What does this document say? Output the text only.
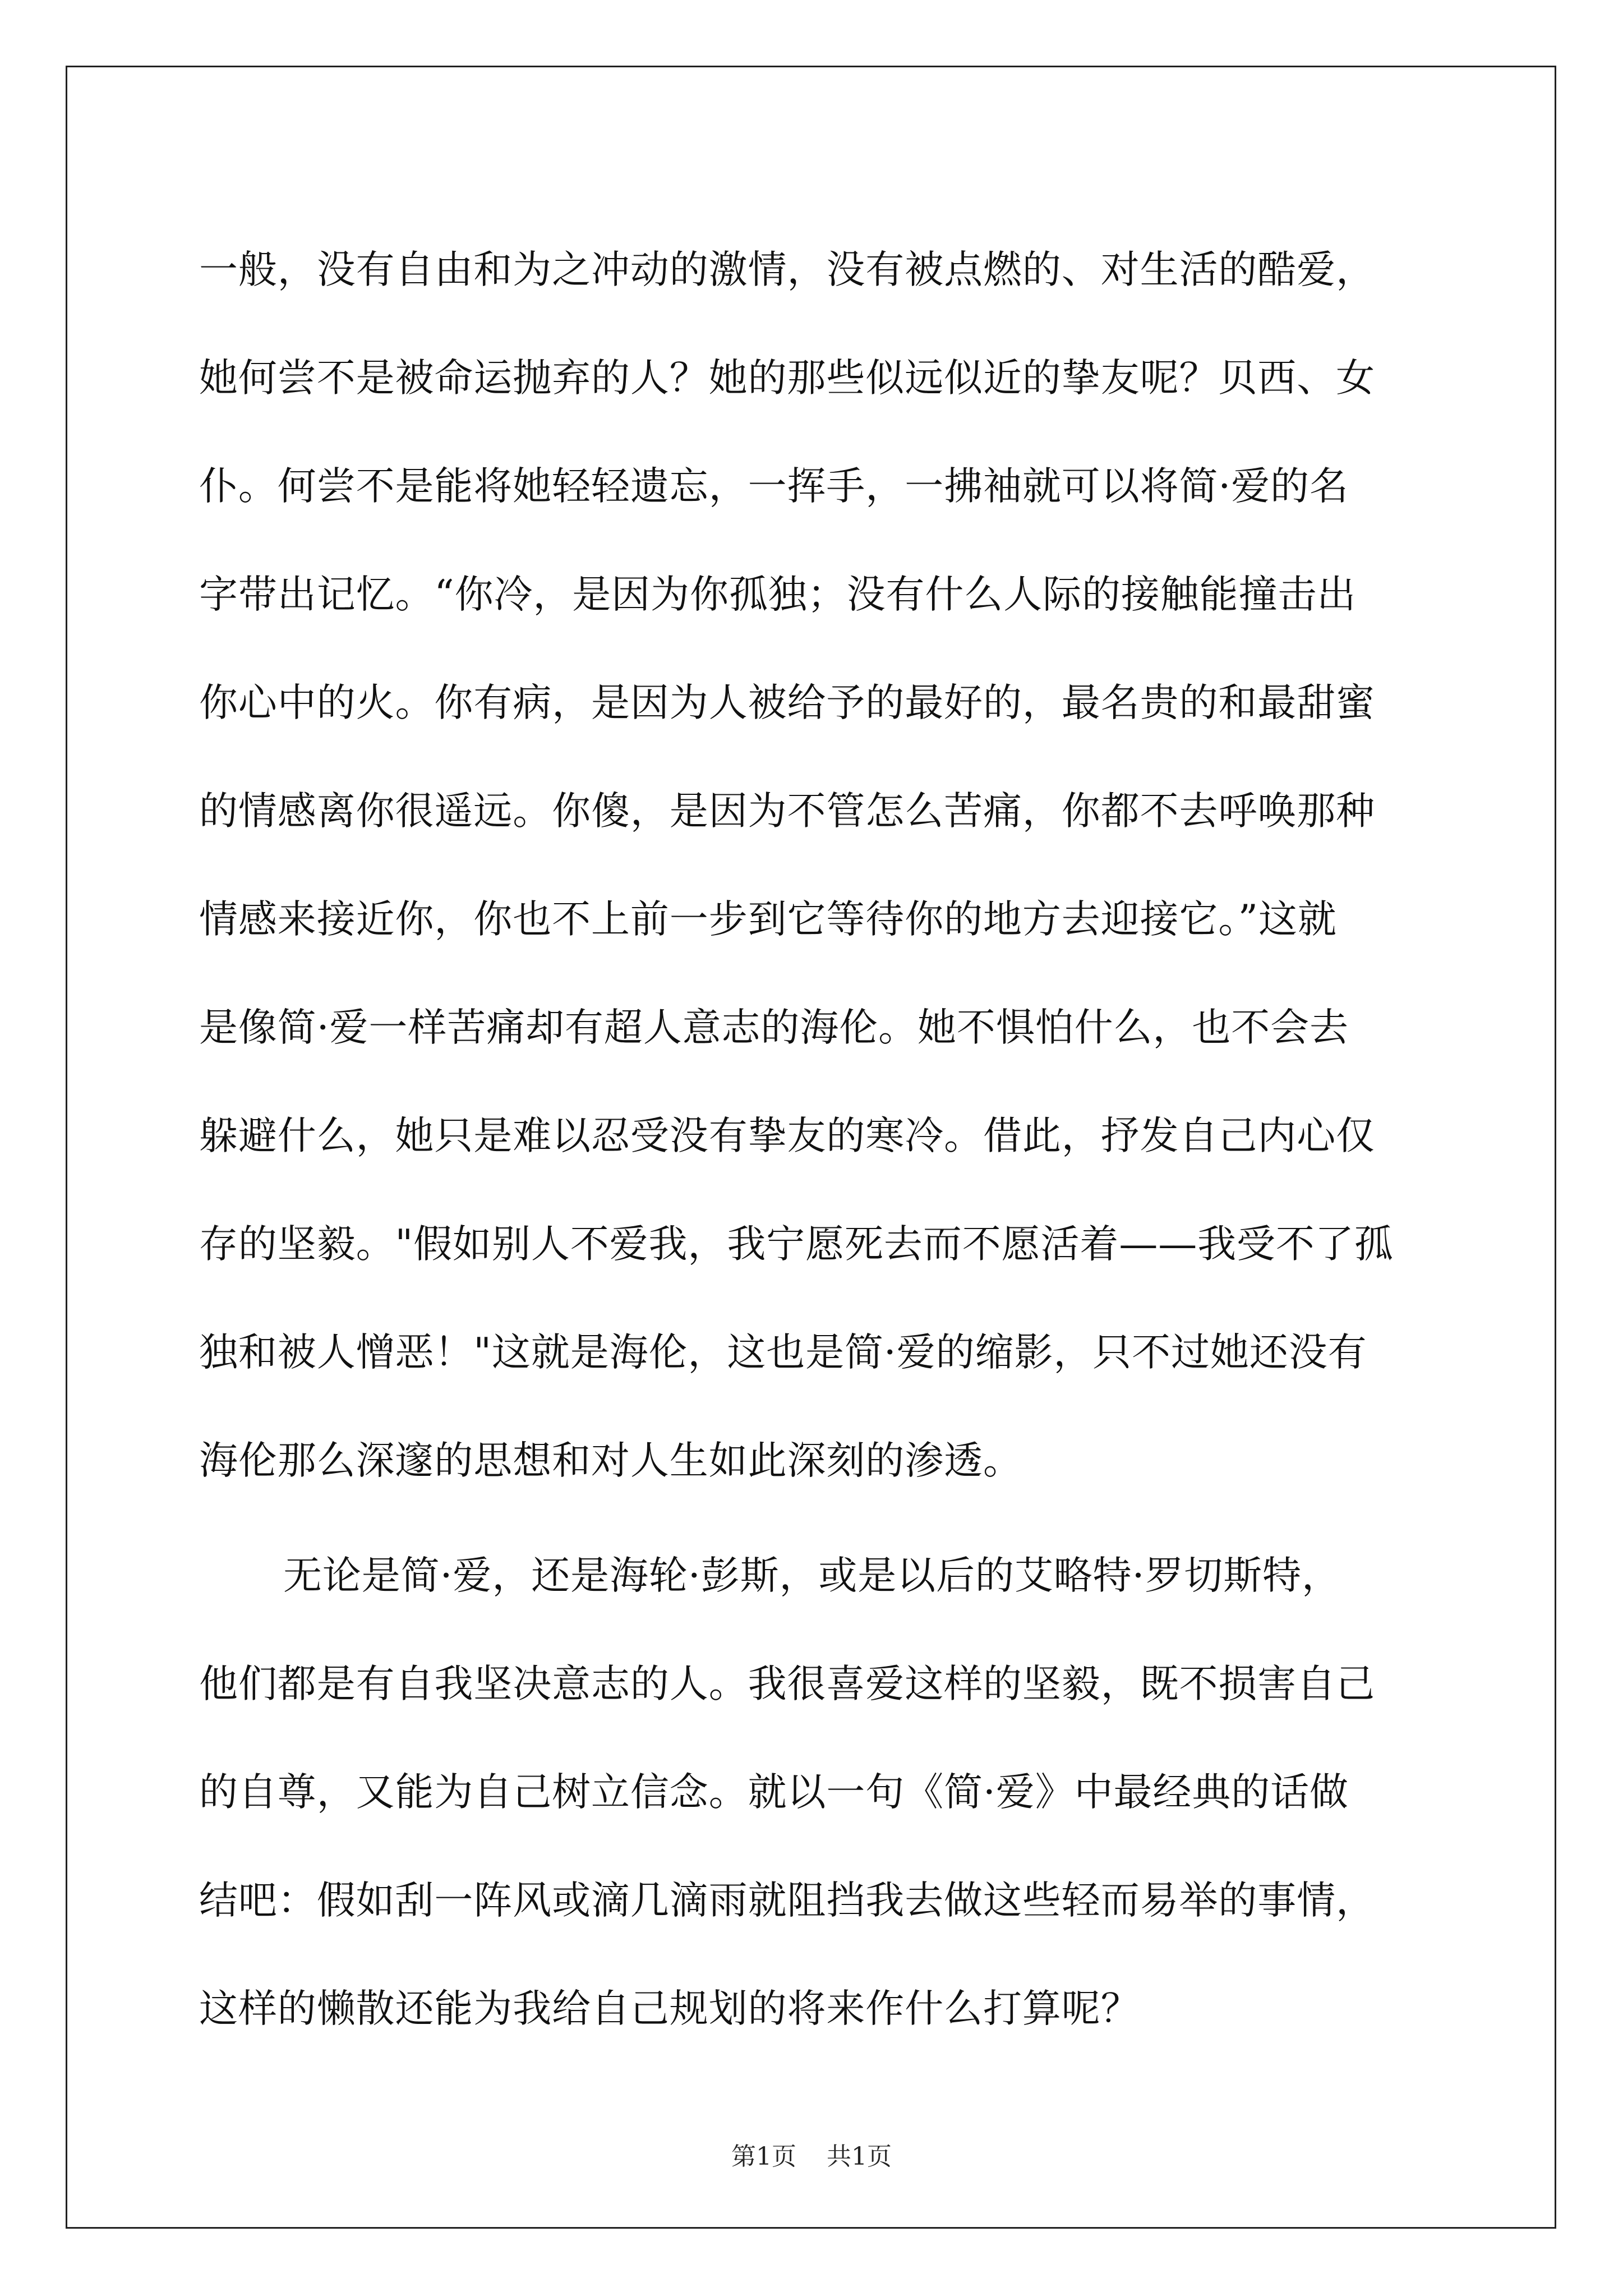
一般，没有自由和为之冲动的激情，没有被点燃的、对生活的酷爱，
她何尝不是被命运抛弃的人？她的那些似远似近的挚友呢？贝西、女
仆。何尝不是能将她轻轻遗忘，一挥手，一拂袖就可以将简·爱的名
字带出记忆。“你冷，是因为你孤独；没有什么人际的接触能撞击出
你心中的火。你有病，是因为人被给予的最好的，最名贵的和最甜蜜
的情感离你很遥远。你傻，是因为不管怎么苦痛，你都不去呼唤那种
情感来接近你，你也不上前一步到它等待你的地方去迎接它。”这就
是像简·爱一样苦痛却有超人意志的海伦。她不惧怕什么，也不会去
躲避什么，她只是难以忍受没有挚友的寒冷。借此，抒发自己内心仅
存的坚毅。"假如别人不爱我，我宁愿死去而不愿活着——我受不了孤
独和被人憎恶！"这就是海伦，这也是简·爱的缩影，只不过她还没有
海伦那么深邃的思想和对人生如此深刻的渗透。
无论是简·爱，还是海轮·彭斯，或是以后的艾略特·罗切斯特，
他们都是有自我坚决意志的人。我很喜爱这样的坚毅，既不损害自己
的自尊，又能为自己树立信念。就以一句《简·爱》中最经典的话做
结吧：假如刮一阵风或滴几滴雨就阻挡我去做这些轻而易举的事情，
这样的懒散还能为我给自己规划的将来作什么打算呢？
第1页 共1页
